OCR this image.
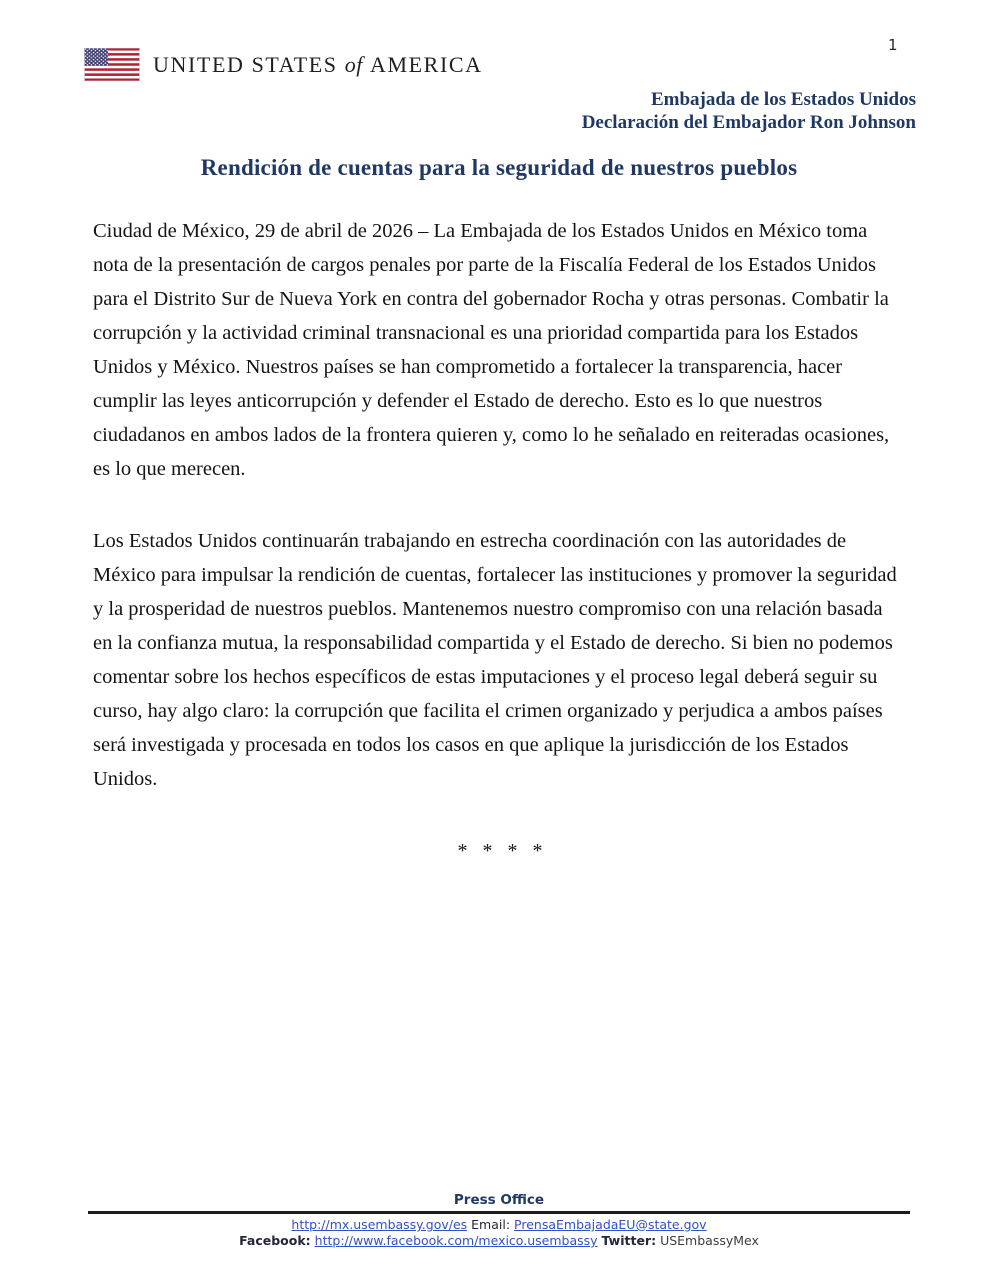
1
UNITED STATES of AMERICA
Embajada de los Estados Unidos
Declaración del Embajador Ron Johnson
Rendición de cuentas para la seguridad de nuestros pueblos

Ciudad de México, 29 de abril de 2026 – La Embajada de los Estados Unidos en México toma nota de la presentación de cargos penales por parte de la Fiscalía Federal de los Estados Unidos para el Distrito Sur de Nueva York en contra del gobernador Rocha y otras personas. Combatir la corrupción y la actividad criminal transnacional es una prioridad compartida para los Estados Unidos y México. Nuestros países se han comprometido a fortalecer la transparencia, hacer cumplir las leyes anticorrupción y defender el Estado de derecho. Esto es lo que nuestros ciudadanos en ambos lados de la frontera quieren y, como lo he señalado en reiteradas ocasiones, es lo que merecen.

Los Estados Unidos continuarán trabajando en estrecha coordinación con las autoridades de México para impulsar la rendición de cuentas, fortalecer las instituciones y promover la seguridad y la prosperidad de nuestros pueblos. Mantenemos nuestro compromiso con una relación basada en la confianza mutua, la responsabilidad compartida y el Estado de derecho. Si bien no podemos comentar sobre los hechos específicos de estas imputaciones y el proceso legal deberá seguir su curso, hay algo claro: la corrupción que facilita el crimen organizado y perjudica a ambos países será investigada y procesada en todos los casos en que aplique la jurisdicción de los Estados Unidos.

* * * *
Press Office
http://mx.usembassy.gov/es Email: PrensaEmbajadaEU@state.gov
Facebook: http://www.facebook.com/mexico.usembassy Twitter: USEmbassyMex
